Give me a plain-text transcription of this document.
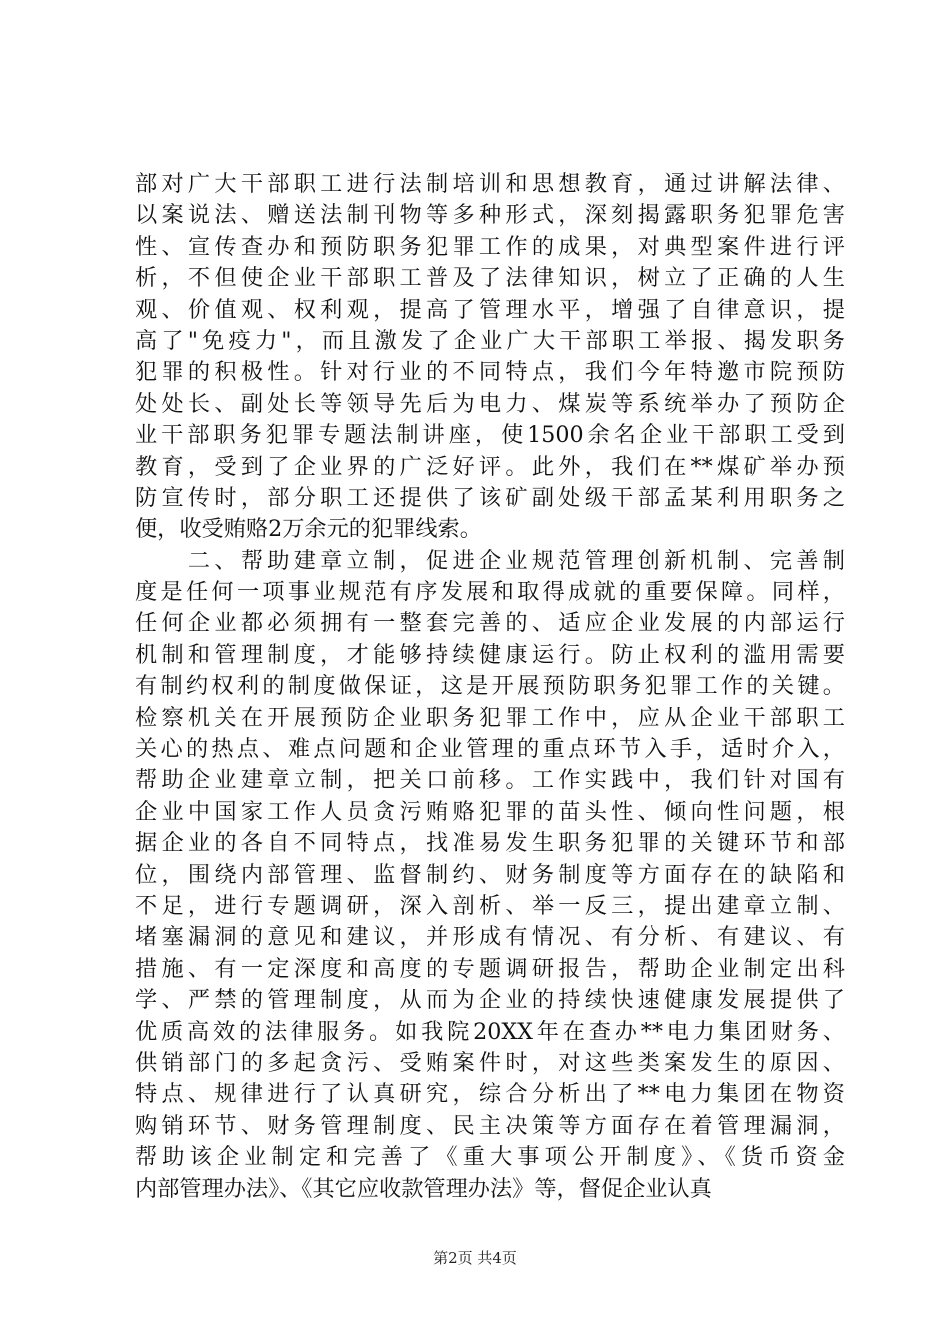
部对广大干部职工进行法制培训和思想教育，通过讲解法律、
以案说法、赠送法制刊物等多种形式，深刻揭露职务犯罪危害
性、宣传查办和预防职务犯罪工作的成果，对典型案件进行评
析，不但使企业干部职工普及了法律知识，树立了正确的人生
观、价值观、权利观，提高了管理水平，增强了自律意识，提
高了"免疫力"，而且激发了企业广大干部职工举报、揭发职务
犯罪的积极性。针对行业的不同特点，我们今年特邀市院预防
处处长、副处长等领导先后为电力、煤炭等系统举办了预防企
业干部职务犯罪专题法制讲座，使1500余名企业干部职工受到
教育，受到了企业界的广泛好评。此外，我们在**煤矿举办预
防宣传时，部分职工还提供了该矿副处级干部孟某利用职务之
便，收受贿赂2万余元的犯罪线索。
　　二、帮助建章立制，促进企业规范管理创新机制、完善制
度是任何一项事业规范有序发展和取得成就的重要保障。同样，
任何企业都必须拥有一整套完善的、适应企业发展的内部运行
机制和管理制度，才能够持续健康运行。防止权利的滥用需要
有制约权利的制度做保证，这是开展预防职务犯罪工作的关键。
检察机关在开展预防企业职务犯罪工作中，应从企业干部职工
关心的热点、难点问题和企业管理的重点环节入手，适时介入，
帮助企业建章立制，把关口前移。工作实践中，我们针对国有
企业中国家工作人员贪污贿赂犯罪的苗头性、倾向性问题，根
据企业的各自不同特点，找准易发生职务犯罪的关键环节和部
位，围绕内部管理、监督制约、财务制度等方面存在的缺陷和
不足，进行专题调研，深入剖析、举一反三，提出建章立制、
堵塞漏洞的意见和建议，并形成有情况、有分析、有建议、有
措施、有一定深度和高度的专题调研报告，帮助企业制定出科
学、严禁的管理制度，从而为企业的持续快速健康发展提供了
优质高效的法律服务。如我院20XX年在查办**电力集团财务、
供销部门的多起贪污、受贿案件时，对这些类案发生的原因、
特点、规律进行了认真研究，综合分析出了**电力集团在物资
购销环节、财务管理制度、民主决策等方面存在着管理漏洞，
帮助该企业制定和完善了《重大事项公开制度》、《货币资金
内部管理办法》、《其它应收款管理办法》等，督促企业认真
第2页 共4页
